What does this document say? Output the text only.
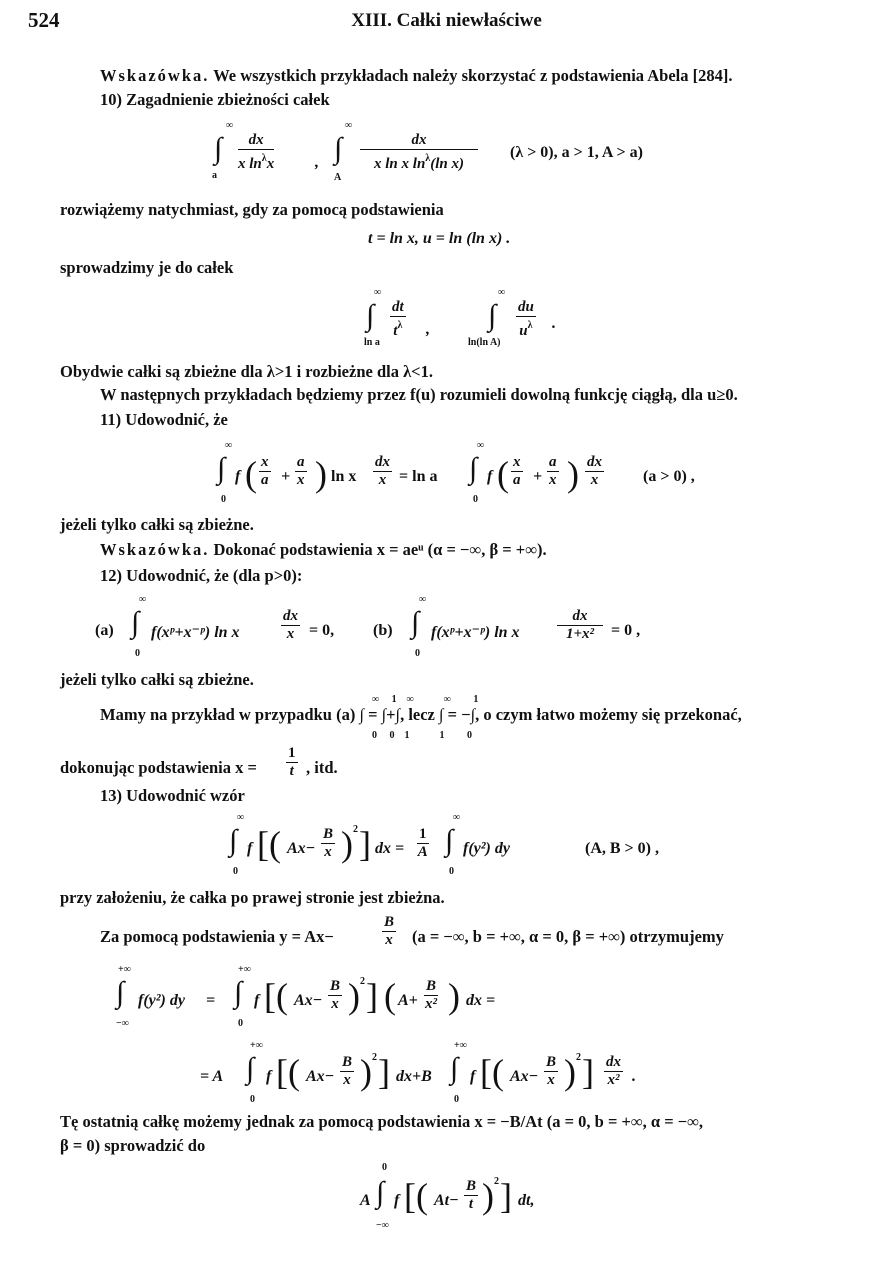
524	XIII. Całki niewłaściwe
Wskazówka. We wszystkich przykładach należy skorzystać z podstawienia Abela [284].
10) Zagadnienie zbieżności całek
∞
∫
a
$\frac{dx}{x \ln^\lambda x}$	,
∞
∫
A
$\frac{dx}{x \ln x \ln^\lambda(\ln x)} (\lambda > 0)$, a > 1, A > a)
rozwiążemy natychmiast, gdy za pomocą podstawienia
t = ln x, u = ln (ln x) .
sprowadzimy je do całek
∞
∫
ln a
$\frac{dt}{t^\lambda}$ ,
∞
∫
ln(ln A)
$\frac{du}{u^\lambda}$ .
Obydwie całki są zbieżne dla λ>1 i rozbieżne dla λ<1.
W następnych przykładach będziemy przez f(u) rozumieli dowolną funkcję ciągłą, dla u≥0.
11) Udowodnić, że
∞
∫
0
f ( $\frac{x}{a} + \frac{a}{x}$ ) ln x $\frac{dx}{x} = \ln a$
∞
∫
0
f ( $\frac{x}{a} + \frac{a}{x}$ ) $\frac{dx}{x} (a > 0)$ ,
jeżeli tylko całki są zbieżne.
Wskazówka. Dokonać podstawienia x = aeᵘ (α = −∞, β = +∞).
12) Udowodnić, że (dla p>0):
(a)
∞
∫
0
f(xᵖ+x⁻ᵖ) ln x	$\frac{dx}{x} = 0$, (b)
∞
∫
0
f(xᵖ+x⁻ᵖ) ln x $\frac{dx}{\text{1+x²}} = 0$ ,
jeżeli tylko całki są zbieżne.
Mamy na przykład w przypadku (a) ∫ = ∫+∫, lecz ∫ = −∫, o czym łatwo możemy się przekonać,
∞     1    ∞            ∞         1
0     0    1            1         0
dokonując podstawienia $x = \frac{1}{t}$ , itd.
13) Udowodnić wzór
∞
∫
0
f [( $Ax- \frac{B}{x}$ ) 2 ] dx = $\frac{1}{A}$
∞
∫
0
f(y²) dy	(A, B > 0) ,
przy założeniu, że całka po prawej stronie jest zbieżna.
Za pomocą podstawienia y = Ax−	$\frac{B}{x} (a$ = −∞, b = +∞, α = 0, β = +∞) otrzymujemy
+∞
∫
−∞
f(y²) dy =
+∞
∫
0
f [( $Ax- \frac{B}{x}$ ) 2 ] ( $A+ \frac{B}{\text{x²}}$ ) dx =
= A
+∞
∫
0
f [( $Ax- \frac{B}{x}$ ) 2 ] dx+B
+∞
∫
0
f [( $Ax- \frac{B}{x}$ ) 2 ] $\frac{dx}{\text{x²}}$ .
Tę ostatnią całkę możemy jednak za pomocą podstawienia x = −B/At (a = 0, b = +∞, α = −∞,
β = 0) sprowadzić do
A
0
∫
−∞
f [( $At- \frac{B}{t}$ ) 2 ] dt,
